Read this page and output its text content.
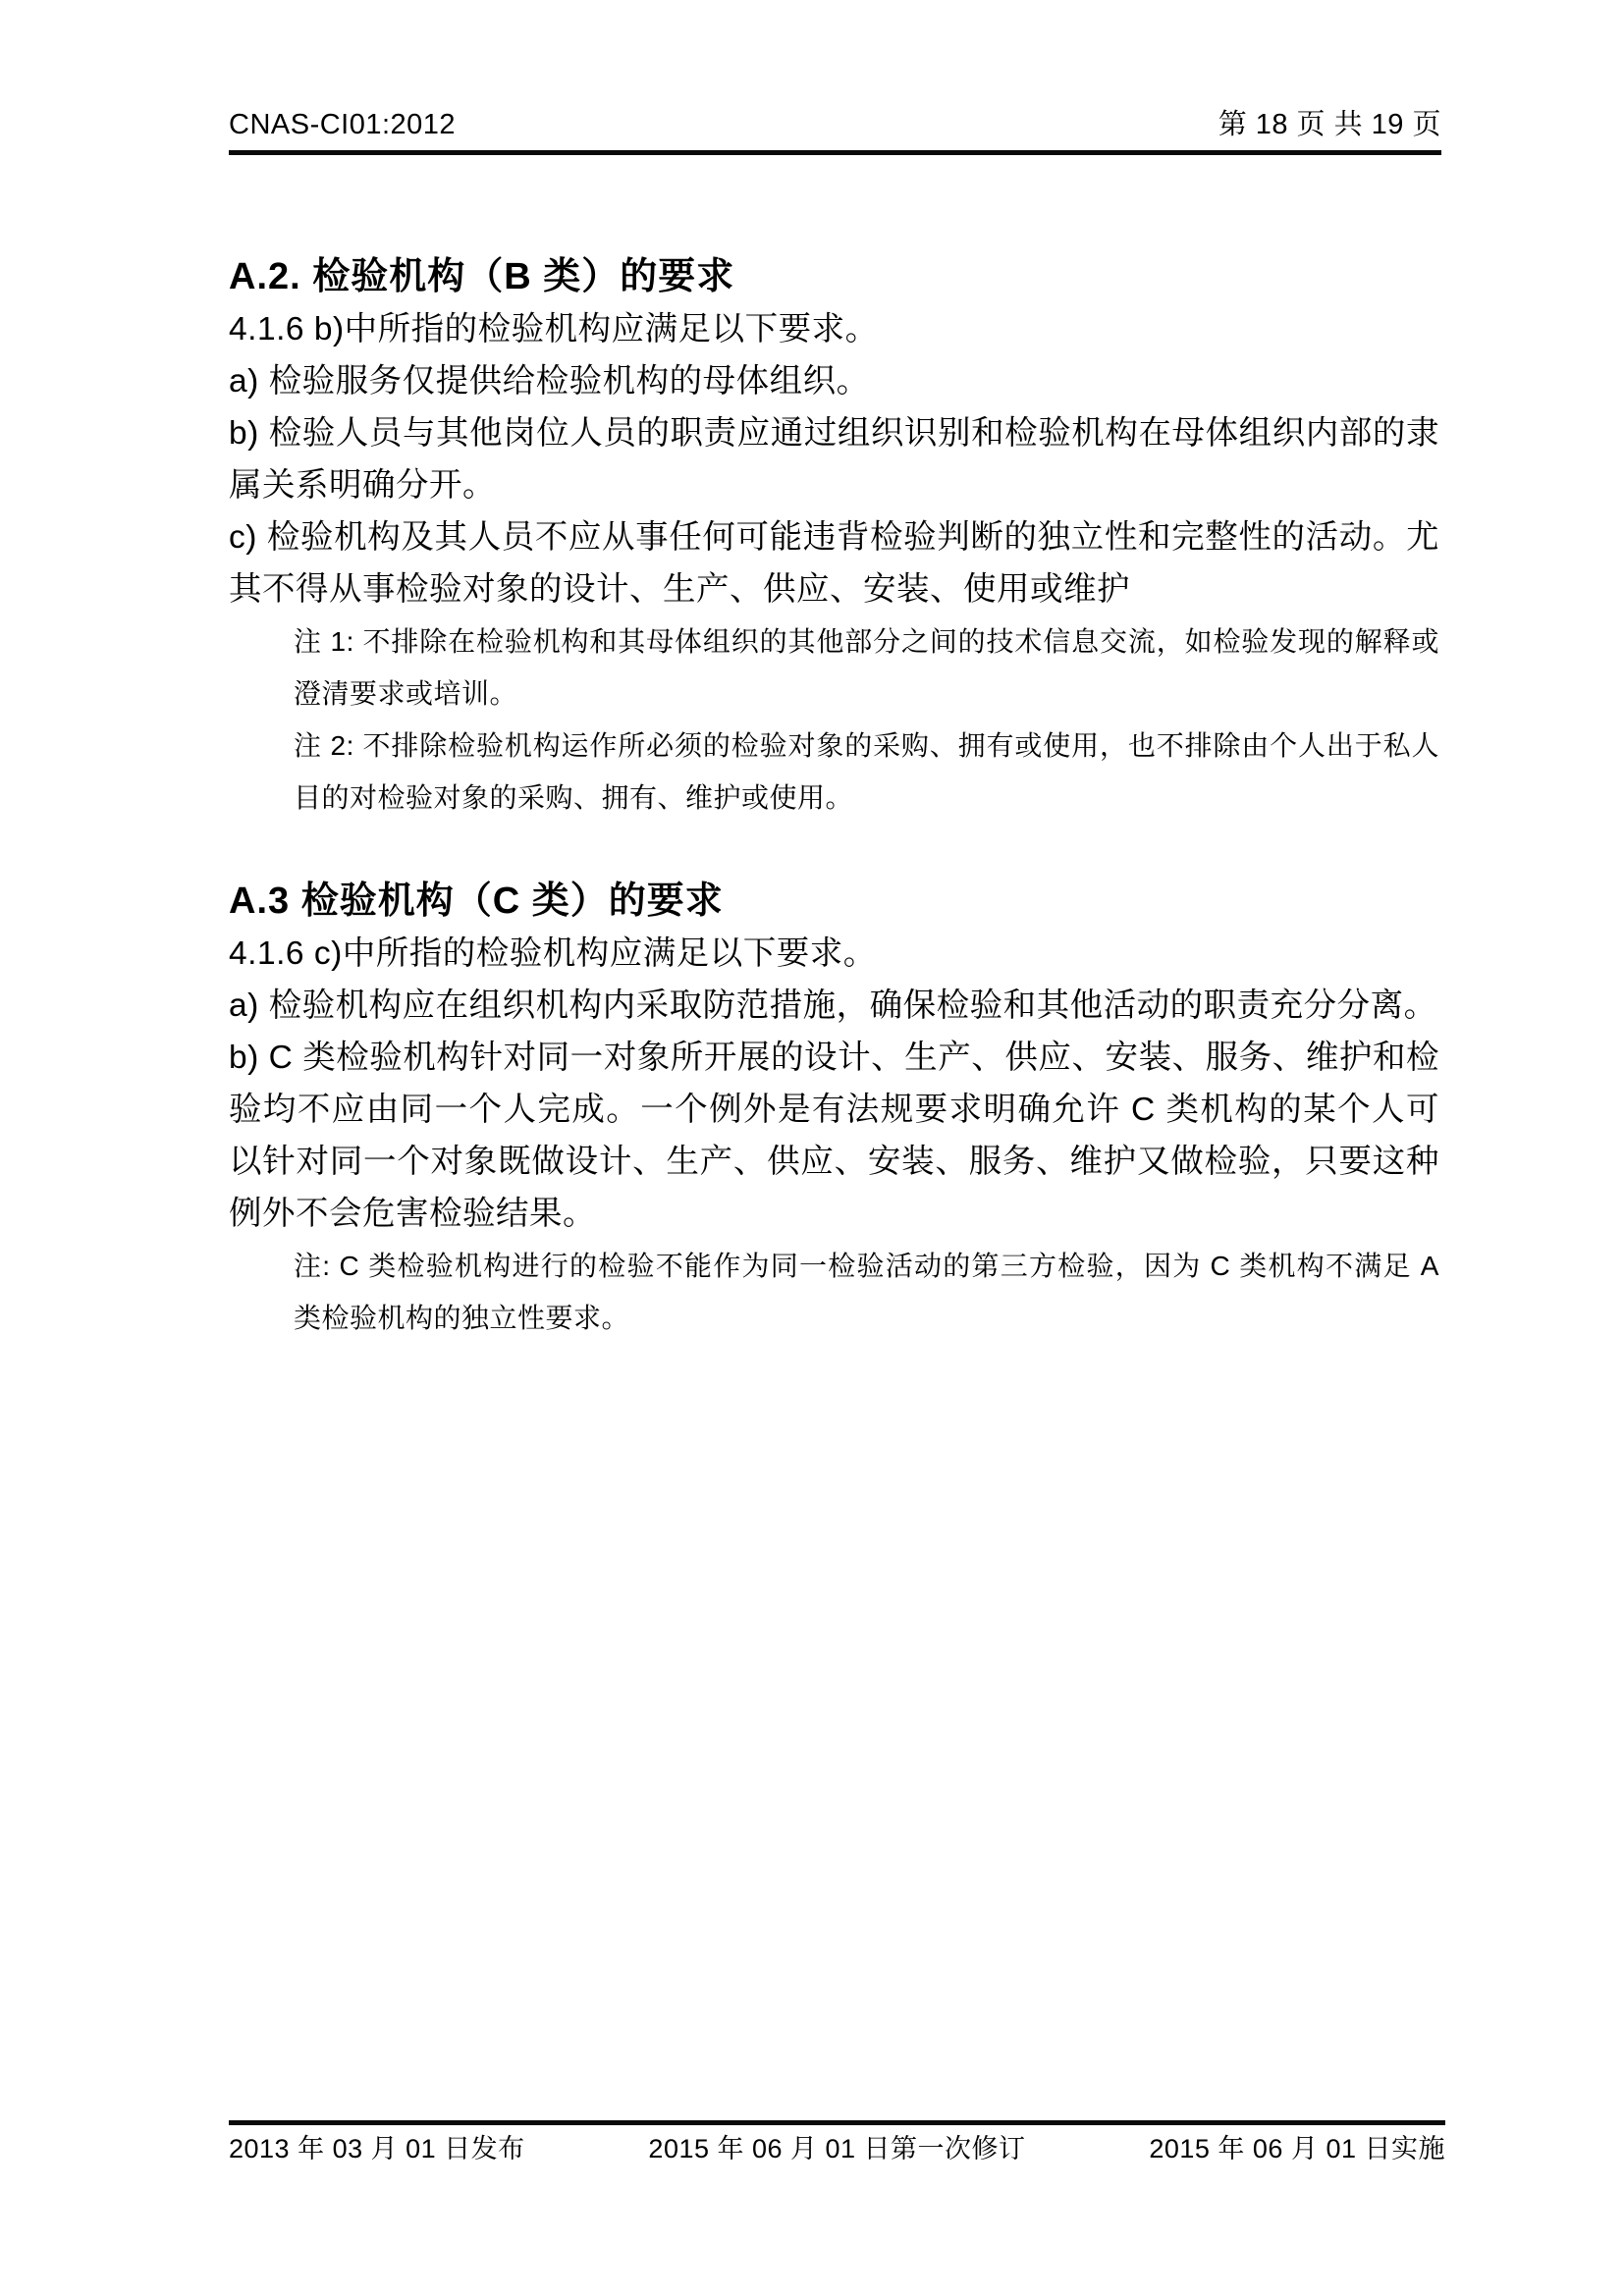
CNAS-CI01:2012	第 18 页 共 19 页
A.2. 检验机构（B 类）的要求

4.1.6 b)中所指的检验机构应满足以下要求。

a) 检验服务仅提供给检验机构的母体组织。

b) 检验人员与其他岗位人员的职责应通过组织识别和检验机构在母体组织内部的隶属关系明确分开。

c) 检验机构及其人员不应从事任何可能违背检验判断的独立性和完整性的活动。尤其不得从事检验对象的设计、生产、供应、安装、使用或维护

注 1: 不排除在检验机构和其母体组织的其他部分之间的技术信息交流，如检验发现的解释或澄清要求或培训。

注 2: 不排除检验机构运作所必须的检验对象的采购、拥有或使用，也不排除由个人出于私人目的对检验对象的采购、拥有、维护或使用。

A.3 检验机构（C 类）的要求

4.1.6 c)中所指的检验机构应满足以下要求。

a) 检验机构应在组织机构内采取防范措施，确保检验和其他活动的职责充分分离。

b) C 类检验机构针对同一对象所开展的设计、生产、供应、安装、服务、维护和检验均不应由同一个人完成。一个例外是有法规要求明确允许 C 类机构的某个人可以针对同一个对象既做设计、生产、供应、安装、服务、维护又做检验，只要这种例外不会危害检验结果。

注: C 类检验机构进行的检验不能作为同一检验活动的第三方检验，因为 C 类机构不满足 A 类检验机构的独立性要求。

2013 年 03 月 01 日发布	2015 年 06 月 01 日第一次修订	2015 年 06 月 01 日实施
